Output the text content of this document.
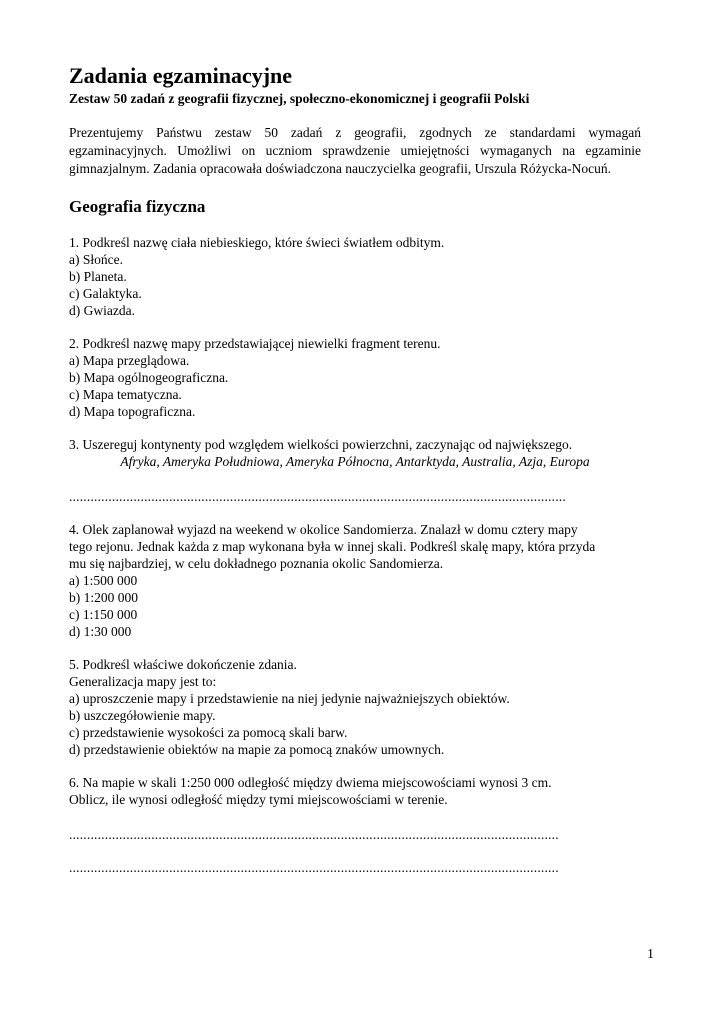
Zadania egzaminacyjne
Zestaw 50 zadań z geografii fizycznej, społeczno-ekonomicznej i geografii Polski

Prezentujemy Państwu zestaw 50 zadań z geografii, zgodnych ze standardami wymagań egzaminacyjnych. Umożliwi on uczniom sprawdzenie umiejętności wymaganych na egzaminie gimnazjalnym. Zadania opracowała doświadczona nauczycielka geografii, Urszula Różycka-Nocuń.

Geografia fizyczna
1. Podkreśl nazwę ciała niebieskiego, które świeci światłem odbitym.
a) Słońce.
b) Planeta.
c) Galaktyka.
d) Gwiazda.
2. Podkreśl nazwę mapy przedstawiającej niewielki fragment terenu.
a) Mapa przeglądowa.
b) Mapa ogólnogeograficzna.
c) Mapa tematyczna.
d) Mapa topograficzna.
3. Uszereguj kontynenty pod względem wielkości powierzchni, zaczynając od największego.

Afryka, Ameryka Południowa, Ameryka Północna, Antarktyda, Australia, Azja, Europa

...........................................................................................................................................
4. Olek zaplanował wyjazd na weekend w okolice Sandomierza. Znalazł w domu cztery mapy
tego rejonu. Jednak każda z map wykonana była w innej skali. Podkreśl skalę mapy, która przyda
mu się najbardziej, w celu dokładnego poznania okolic Sandomierza.
a) 1:500 000
b) 1:200 000
c) 1:150 000
d) 1:30 000
5. Podkreśl właściwe dokończenie zdania.
Generalizacja mapy jest to:
a) uproszczenie mapy i przedstawienie na niej jedynie najważniejszych obiektów.
b) uszczegółowienie mapy.
c) przedstawienie wysokości za pomocą skali barw.
d) przedstawienie obiektów na mapie za pomocą znaków umownych.
6. Na mapie w skali 1:250 000 odległość między dwiema miejscowościami wynosi 3 cm.
Oblicz, ile wynosi odległość między tymi miejscowościami w terenie.
.........................................................................................................................................
.........................................................................................................................................
1
